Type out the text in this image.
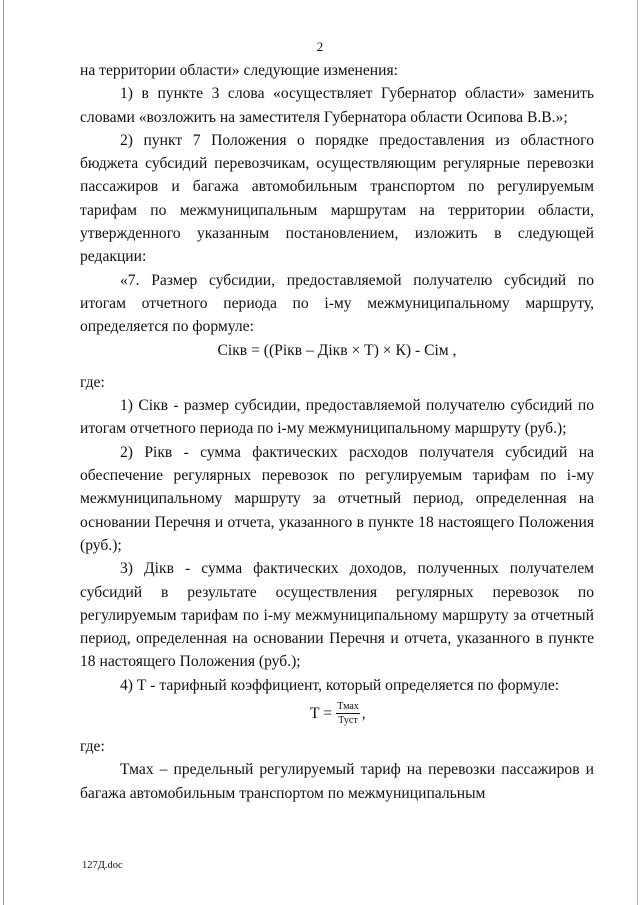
2

на территории области» следующие изменения:

1) в пункте 3 слова «осуществляет Губернатор области» заменить словами «возложить на заместителя Губернатора области Осипова В.В.»;

2) пункт 7 Положения о порядке предоставления из областного бюджета субсидий перевозчикам, осуществляющим регулярные перевозки пассажиров и багажа автомобильным транспортом по регулируемым тарифам по межмуниципальным маршрутам на территории области, утвержденного указанным постановлением, изложить в следующей редакции:

«7. Размер субсидии, предоставляемой получателю субсидий по итогам отчетного периода по i-му межмуниципальному маршруту, определяется по формуле:

Сiкв = ((Рiкв – Дiкв × Т) × К) - Сiм ,

где:

1) Сiкв - размер субсидии, предоставляемой получателю субсидий по итогам отчетного периода по i-му межмуниципальному маршруту (руб.);

2) Рiкв - сумма фактических расходов получателя субсидий на обеспечение регулярных перевозок по регулируемым тарифам по i-му межмуниципальному маршруту за отчетный период, определенная на основании Перечня и отчета, указанного в пункте 18 настоящего Положения (руб.);

3) Дiкв - сумма фактических доходов, полученных получателем субсидий в результате осуществления регулярных перевозок по регулируемым тарифам по i-му межмуниципальному маршруту за отчетный период, определенная на основании Перечня и отчета, указанного в пункте 18 настоящего Положения (руб.);

4) Т - тарифный коэффициент, который определяется по формуле:

$Т = \frac{\text{Тмах}}{\text{Туст}}$ ,

где:

Тмах – предельный регулируемый тариф на перевозки пассажиров и багажа автомобильным транспортом по межмуниципальным

127Д.doc
